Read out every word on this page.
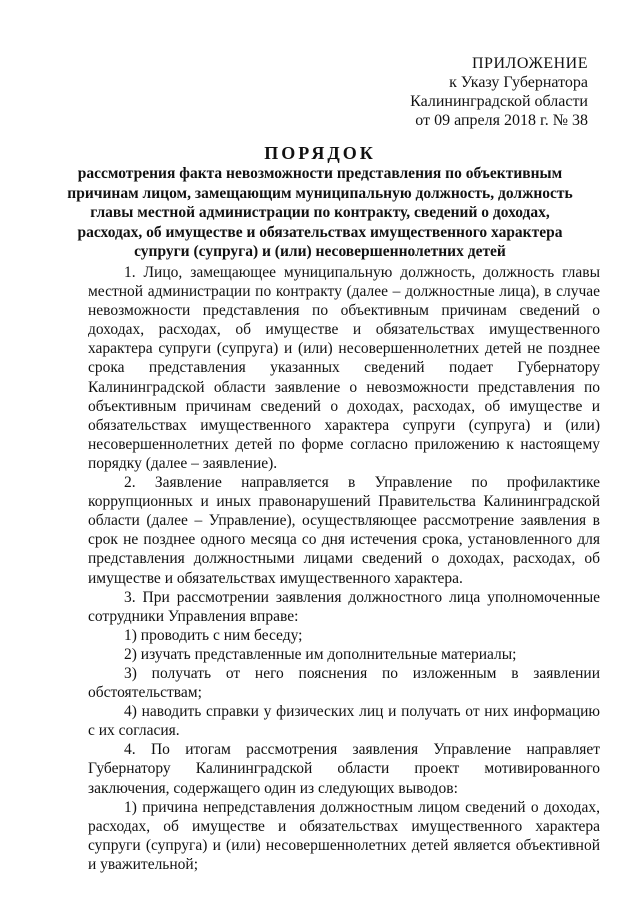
ПРИЛОЖЕНИЕ
к Указу Губернатора
Калининградской области
от 09 апреля 2018 г. № 38
ПОРЯДОК
рассмотрения факта невозможности представления по объективным причинам лицом, замещающим муниципальную должность, должность главы местной администрации по контракту, сведений о доходах, расходах, об имуществе и обязательствах имущественного характера супруги (супруга) и (или) несовершеннолетних детей

1. Лицо, замещающее муниципальную должность, должность главы местной администрации по контракту (далее – должностные лица), в случае невозможности представления по объективным причинам сведений о доходах, расходах, об имуществе и обязательствах имущественного характера супруги (супруга) и (или) несовершеннолетних детей не позднее срока представления указанных сведений подает Губернатору Калининградской области заявление о невозможности представления по объективным причинам сведений о доходах, расходах, об имуществе и обязательствах имущественного характера супруги (супруга) и (или) несовершеннолетних детей по форме согласно приложению к настоящему порядку (далее – заявление).

2. Заявление направляется в Управление по профилактике коррупционных и иных правонарушений Правительства Калининградской области (далее – Управление), осуществляющее рассмотрение заявления в срок не позднее одного месяца со дня истечения срока, установленного для представления должностными лицами сведений о доходах, расходах, об имуществе и обязательствах имущественного характера.

3. При рассмотрении заявления должностного лица уполномоченные сотрудники Управления вправе:

1) проводить с ним беседу;

2) изучать представленные им дополнительные материалы;

3) получать от него пояснения по изложенным в заявлении обстоятельствам;

4) наводить справки у физических лиц и получать от них информацию с их согласия.

4. По итогам рассмотрения заявления Управление направляет Губернатору Калининградской области проект мотивированного заключения, содержащего один из следующих выводов:

1) причина непредставления должностным лицом сведений о доходах, расходах, об имуществе и обязательствах имущественного характера супруги (супруга) и (или) несовершеннолетних детей является объективной и уважительной;
